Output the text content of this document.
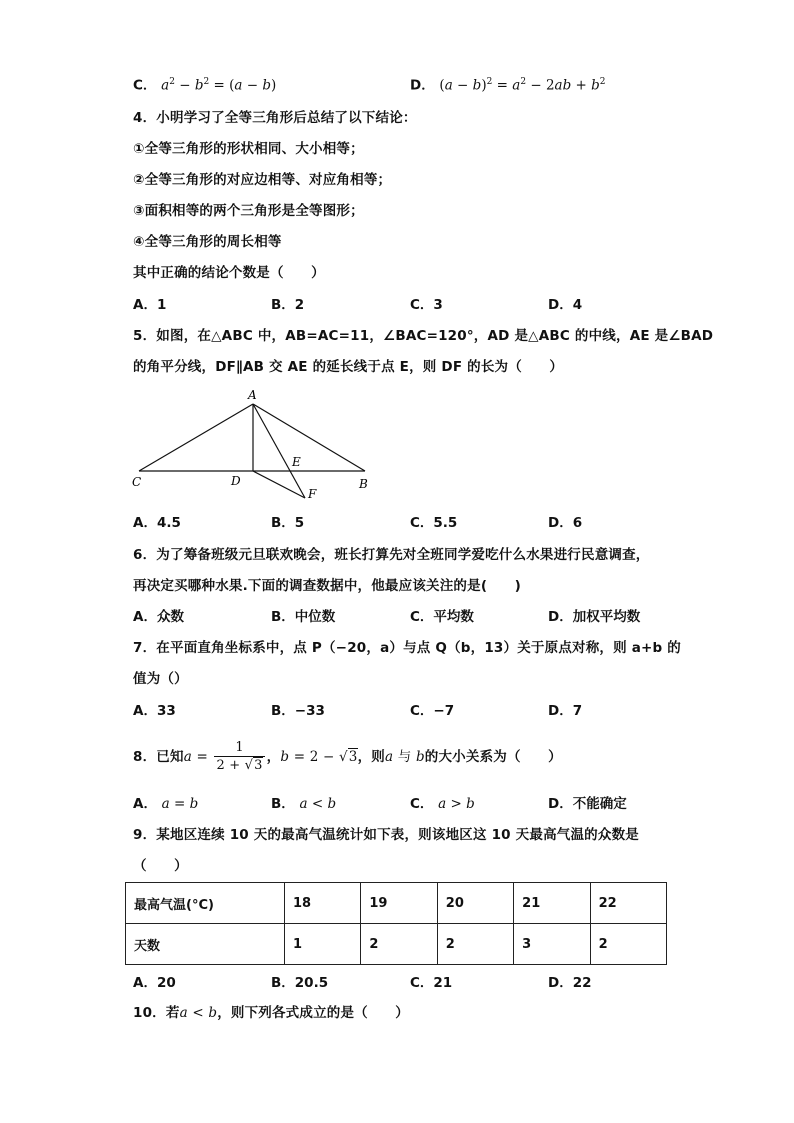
C． $a^2 - b^2 = (a - b)$	D． $(a - b)^2 = a^2 - 2ab + b^2$
4．小明学习了全等三角形后总结了以下结论：
①全等三角形的形状相同、大小相等；
②全等三角形的对应边相等、对应角相等；
③面积相等的两个三角形是全等图形；
④全等三角形的周长相等
其中正确的结论个数是（　　）
A．1	B．2	C．3	D．4
5．如图，在△ABC 中，AB=AC=11，∠BAC=120°，AD 是△ABC 的中线，AE 是∠BAD
的角平分线，DF∥AB 交 AE 的延长线于点 E，则 DF 的长为（　　）
A
C	D
E
B
F
A．4.5	B．5	C．5.5	D．6
6．为了筹备班级元旦联欢晚会，班长打算先对全班同学爱吃什么水果进行民意调查，
再决定买哪种水果.下面的调查数据中，他最应该关注的是(　　)
A．众数	B．中位数	C．平均数	D．加权平均数
7．在平面直角坐标系中，点 P（−20，a）与点 Q（b，13）关于原点对称，则 a+b 的
值为（）
A．33	B．−33	C．−7	D．7
8．已知$a = \frac{1}{2 + √3}$ ，b = 2 − √3，则a 与 b的大小关系为（　　）
A． a = b	B． a < b	C． a > b	D．不能确定
9．某地区连续 10 天的最高气温统计如下表，则该地区这 10 天最高气温的众数是
（　　）
最高气温(°C)	18	19	20	21	22
天数	1	2	2	3	2
A．20	B．20.5	C．21	D．22
10．若a < b，则下列各式成立的是（　　）
